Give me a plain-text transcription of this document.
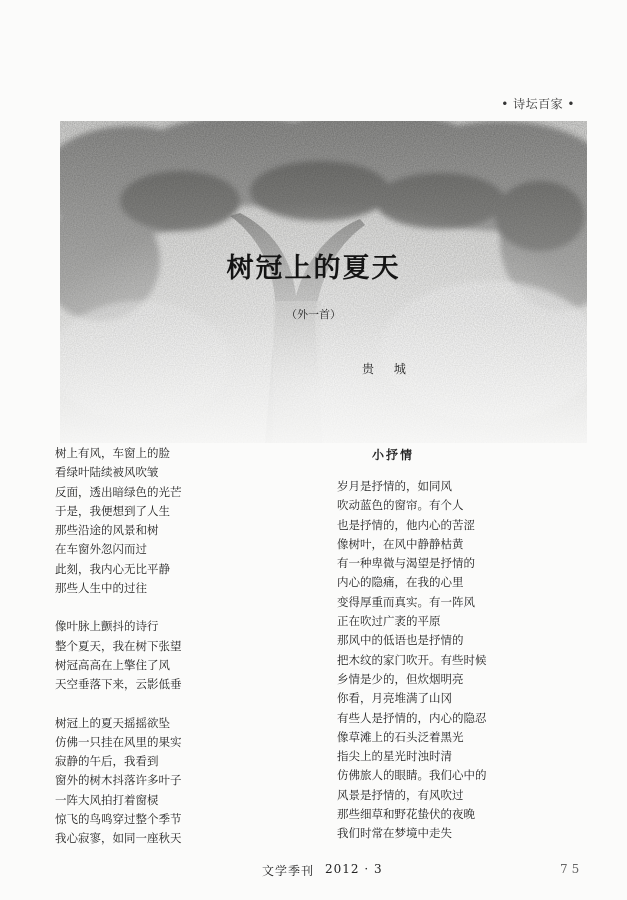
• 诗坛百家 •
树冠上的夏天
（外一首）
贵 城
树上有风，车窗上的脸
看绿叶陆续被风吹皱
反面，透出暗绿色的光芒
于是，我便想到了人生
那些沿途的风景和树
在车窗外忽闪而过
此刻，我内心无比平静
那些人生中的过往
像叶脉上颤抖的诗行
整个夏天，我在树下张望
树冠高高在上擎住了风
天空垂落下来，云影低垂
树冠上的夏天摇摇欲坠
仿佛一只挂在风里的果实
寂静的午后，我看到
窗外的树木抖落许多叶子
一阵大风拍打着窗棂
惊飞的鸟鸣穿过整个季节
我心寂寥，如同一座秋天
小抒情
岁月是抒情的，如同风
吹动蓝色的窗帘。有个人
也是抒情的，他内心的苦涩
像树叶，在风中静静枯黄
有一种卑微与渴望是抒情的
内心的隐痛，在我的心里
变得厚重而真实。有一阵风
正在吹过广袤的平原
那风中的低语也是抒情的
把木纹的家门吹开。有些时候
乡情是少的，但炊烟明亮
你看，月亮堆满了山冈
有些人是抒情的，内心的隐忍
像草滩上的石头泛着黑光
指尖上的星光时浊时清
仿佛旅人的眼睛。我们心中的
风景是抒情的，有风吹过
那些细草和野花蛰伏的夜晚
我们时常在梦境中走失
文学季刊 2012 · 3	75
